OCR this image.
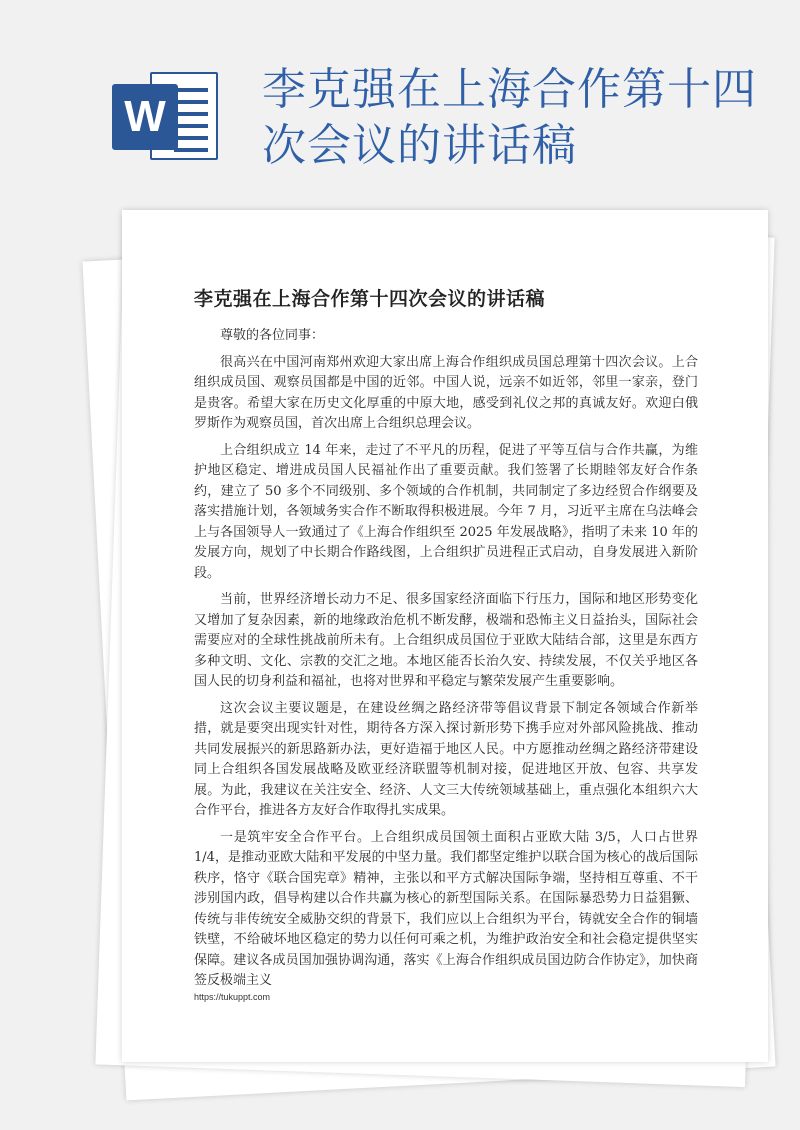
W
李克强在上海合作第十四次会议的讲话稿
李克强在上海合作第十四次会议的讲话稿

尊敬的各位同事：

很高兴在中国河南郑州欢迎大家出席上海合作组织成员国总理第十四次会议。上合组织成员国、观察员国都是中国的近邻。中国人说，远亲不如近邻，邻里一家亲，登门是贵客。希望大家在历史文化厚重的中原大地，感受到礼仪之邦的真诚友好。欢迎白俄罗斯作为观察员国，首次出席上合组织总理会议。

上合组织成立 14 年来，走过了不平凡的历程，促进了平等互信与合作共赢，为维护地区稳定、增进成员国人民福祉作出了重要贡献。我们签署了长期睦邻友好合作条约，建立了 50 多个不同级别、多个领域的合作机制，共同制定了多边经贸合作纲要及落实措施计划，各领域务实合作不断取得积极进展。今年 7 月，习近平主席在乌法峰会上与各国领导人一致通过了《上海合作组织至 2025 年发展战略》，指明了未来 10 年的发展方向，规划了中长期合作路线图，上合组织扩员进程正式启动，自身发展进入新阶段。

当前，世界经济增长动力不足、很多国家经济面临下行压力，国际和地区形势变化又增加了复杂因素，新的地缘政治危机不断发酵，极端和恐怖主义日益抬头，国际社会需要应对的全球性挑战前所未有。上合组织成员国位于亚欧大陆结合部，这里是东西方多种文明、文化、宗教的交汇之地。本地区能否长治久安、持续发展，不仅关乎地区各国人民的切身利益和福祉，也将对世界和平稳定与繁荣发展产生重要影响。

这次会议主要议题是，在建设丝绸之路经济带等倡议背景下制定各领域合作新举措，就是要突出现实针对性，期待各方深入探讨新形势下携手应对外部风险挑战、推动共同发展振兴的新思路新办法，更好造福于地区人民。中方愿推动丝绸之路经济带建设同上合组织各国发展战略及欧亚经济联盟等机制对接，促进地区开放、包容、共享发展。为此，我建议在关注安全、经济、人文三大传统领域基础上，重点强化本组织六大合作平台，推进各方友好合作取得扎实成果。

一是筑牢安全合作平台。上合组织成员国领土面积占亚欧大陆 3/5，人口占世界 1/4，是推动亚欧大陆和平发展的中坚力量。我们都坚定维护以联合国为核心的战后国际秩序，恪守《联合国宪章》精神，主张以和平方式解决国际争端，坚持相互尊重、不干涉别国内政，倡导构建以合作共赢为核心的新型国际关系。在国际暴恐势力日益猖獗、传统与非传统安全威胁交织的背景下，我们应以上合组织为平台，铸就安全合作的铜墙铁壁，不给破坏地区稳定的势力以任何可乘之机，为维护政治安全和社会稳定提供坚实保障。建议各成员国加强协调沟通，落实《上海合作组织成员国边防合作协定》，加快商签反极端主义

https://tukuppt.com
